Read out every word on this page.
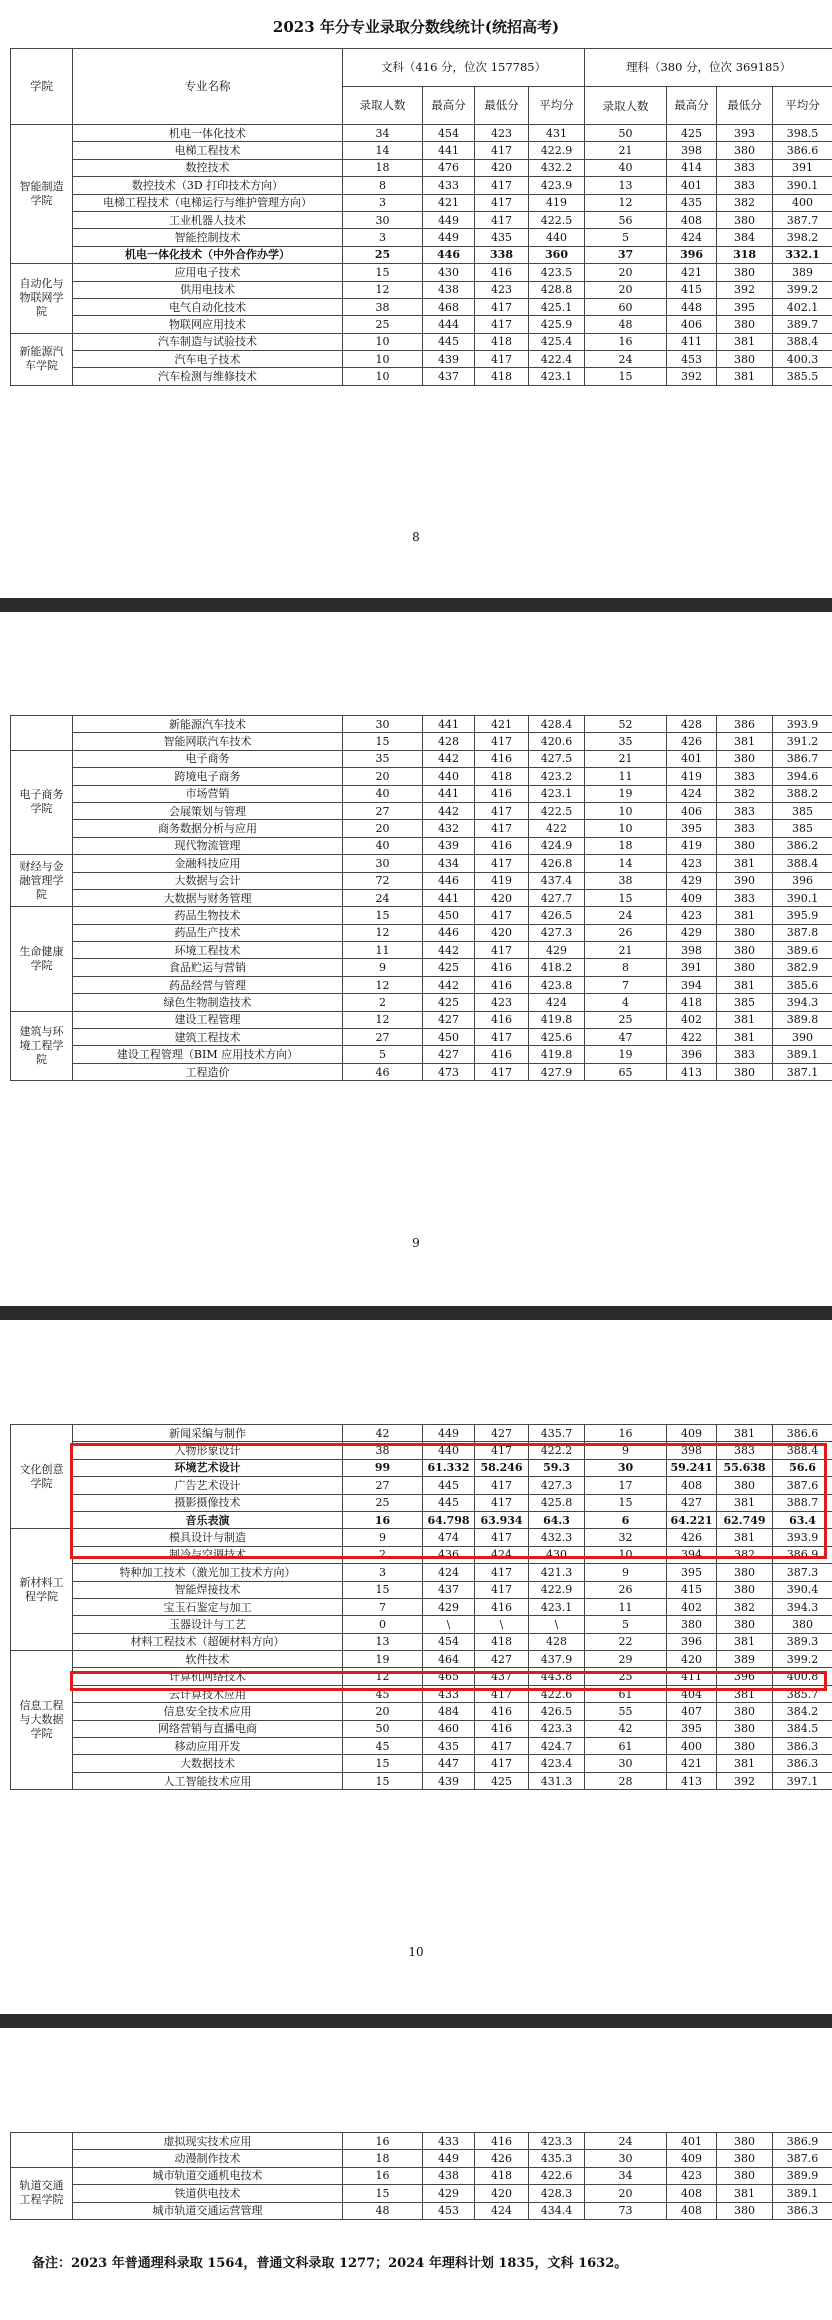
2023 年分专业录取分数线统计(统招高考)
学院	专业名称	文科（416 分，位次 157785）				理科（380 分，位次 369185）			
		录取人数	最高分	最低分	平均分	录取人数	最高分	最低分	平均分
智能制造学院	机电一体化技术	34	454	423	431	50	425	393	398.5
	电梯工程技术	14	441	417	422.9	21	398	380	386.6
	数控技术	18	476	420	432.2	40	414	383	391
	数控技术（3D 打印技术方向）	8	433	417	423.9	13	401	383	390.1
	电梯工程技术（电梯运行与维护管理方向）	3	421	417	419	12	435	382	400
	工业机器人技术	30	449	417	422.5	56	408	380	387.7
	智能控制技术	3	449	435	440	5	424	384	398.2
	机电一体化技术（中外合作办学）	25	446	338	360	37	396	318	332.1
自动化与物联网学院	应用电子技术	15	430	416	423.5	20	421	380	389
	供用电技术	12	438	423	428.8	20	415	392	399.2
	电气自动化技术	38	468	417	425.1	60	448	395	402.1
	物联网应用技术	25	444	417	425.9	48	406	380	389.7
新能源汽车学院	汽车制造与试验技术	10	445	418	425.4	16	411	381	388.4
	汽车电子技术	10	439	417	422.4	24	453	380	400.3
	汽车检测与维修技术	10	437	418	423.1	15	392	381	385.5
8
	新能源汽车技术	30	441	421	428.4	52	428	386	393.9
	智能网联汽车技术	15	428	417	420.6	35	426	381	391.2
电子商务学院	电子商务	35	442	416	427.5	21	401	380	386.7
	跨境电子商务	20	440	418	423.2	11	419	383	394.6
	市场营销	40	441	416	423.1	19	424	382	388.2
	会展策划与管理	27	442	417	422.5	10	406	383	385
	商务数据分析与应用	20	432	417	422	10	395	383	385
	现代物流管理	40	439	416	424.9	18	419	380	386.2
财经与金融管理学院	金融科技应用	30	434	417	426.8	14	423	381	388.4
	大数据与会计	72	446	419	437.4	38	429	390	396
	大数据与财务管理	24	441	420	427.7	15	409	383	390.1
生命健康学院	药品生物技术	15	450	417	426.5	24	423	381	395.9
	药品生产技术	12	446	420	427.3	26	429	380	387.8
	环境工程技术	11	442	417	429	21	398	380	389.6
	食品贮运与营销	9	425	416	418.2	8	391	380	382.9
	药品经营与管理	12	442	416	423.8	7	394	381	385.6
	绿色生物制造技术	2	425	423	424	4	418	385	394.3
建筑与环境工程学院	建设工程管理	12	427	416	419.8	25	402	381	389.8
	建筑工程技术	27	450	417	425.6	47	422	381	390
	建设工程管理（BIM 应用技术方向）	5	427	416	419.8	19	396	383	389.1
	工程造价	46	473	417	427.9	65	413	380	387.1
9
文化创意学院	新闻采编与制作	42	449	427	435.7	16	409	381	386.6
	人物形象设计	38	440	417	422.2	9	398	383	388.4
	环境艺术设计	99	61.332	58.246	59.3	30	59.241	55.638	56.6
	广告艺术设计	27	445	417	427.3	17	408	380	387.6
	摄影摄像技术	25	445	417	425.8	15	427	381	388.7
	音乐表演	16	64.798	63.934	64.3	6	64.221	62.749	63.4
新材料工程学院	模具设计与制造	9	474	417	432.3	32	426	381	393.9
	制冷与空调技术	2	436	424	430	10	394	382	386.9
	特种加工技术（激光加工技术方向）	3	424	417	421.3	9	395	380	387.3
	智能焊接技术	15	437	417	422.9	26	415	380	390.4
	宝玉石鉴定与加工	7	429	416	423.1	11	402	382	394.3
	玉器设计与工艺	0	\	\	\	5	380	380	380
	材料工程技术（超硬材料方向）	13	454	418	428	22	396	381	389.3
信息工程与大数据学院	软件技术	19	464	427	437.9	29	420	389	399.2
	计算机网络技术	12	465	437	443.8	25	411	396	400.8
	云计算技术应用	45	433	417	422.6	61	404	381	385.7
	信息安全技术应用	20	484	416	426.5	55	407	380	384.2
	网络营销与直播电商	50	460	416	423.3	42	395	380	384.5
	移动应用开发	45	435	417	424.7	61	400	380	386.3
	大数据技术	15	447	417	423.4	30	421	381	386.3
	人工智能技术应用	15	439	425	431.3	28	413	392	397.1
10
	虚拟现实技术应用	16	433	416	423.3	24	401	380	386.9
	动漫制作技术	18	449	426	435.3	30	409	380	387.6
轨道交通工程学院	城市轨道交通机电技术	16	438	418	422.6	34	423	380	389.9
	铁道供电技术	15	429	420	428.3	20	408	381	389.1
	城市轨道交通运营管理	48	453	424	434.4	73	408	380	386.3
备注：2023 年普通理科录取 1564，普通文科录取 1277；2024 年理科计划 1835，文科 1632。
